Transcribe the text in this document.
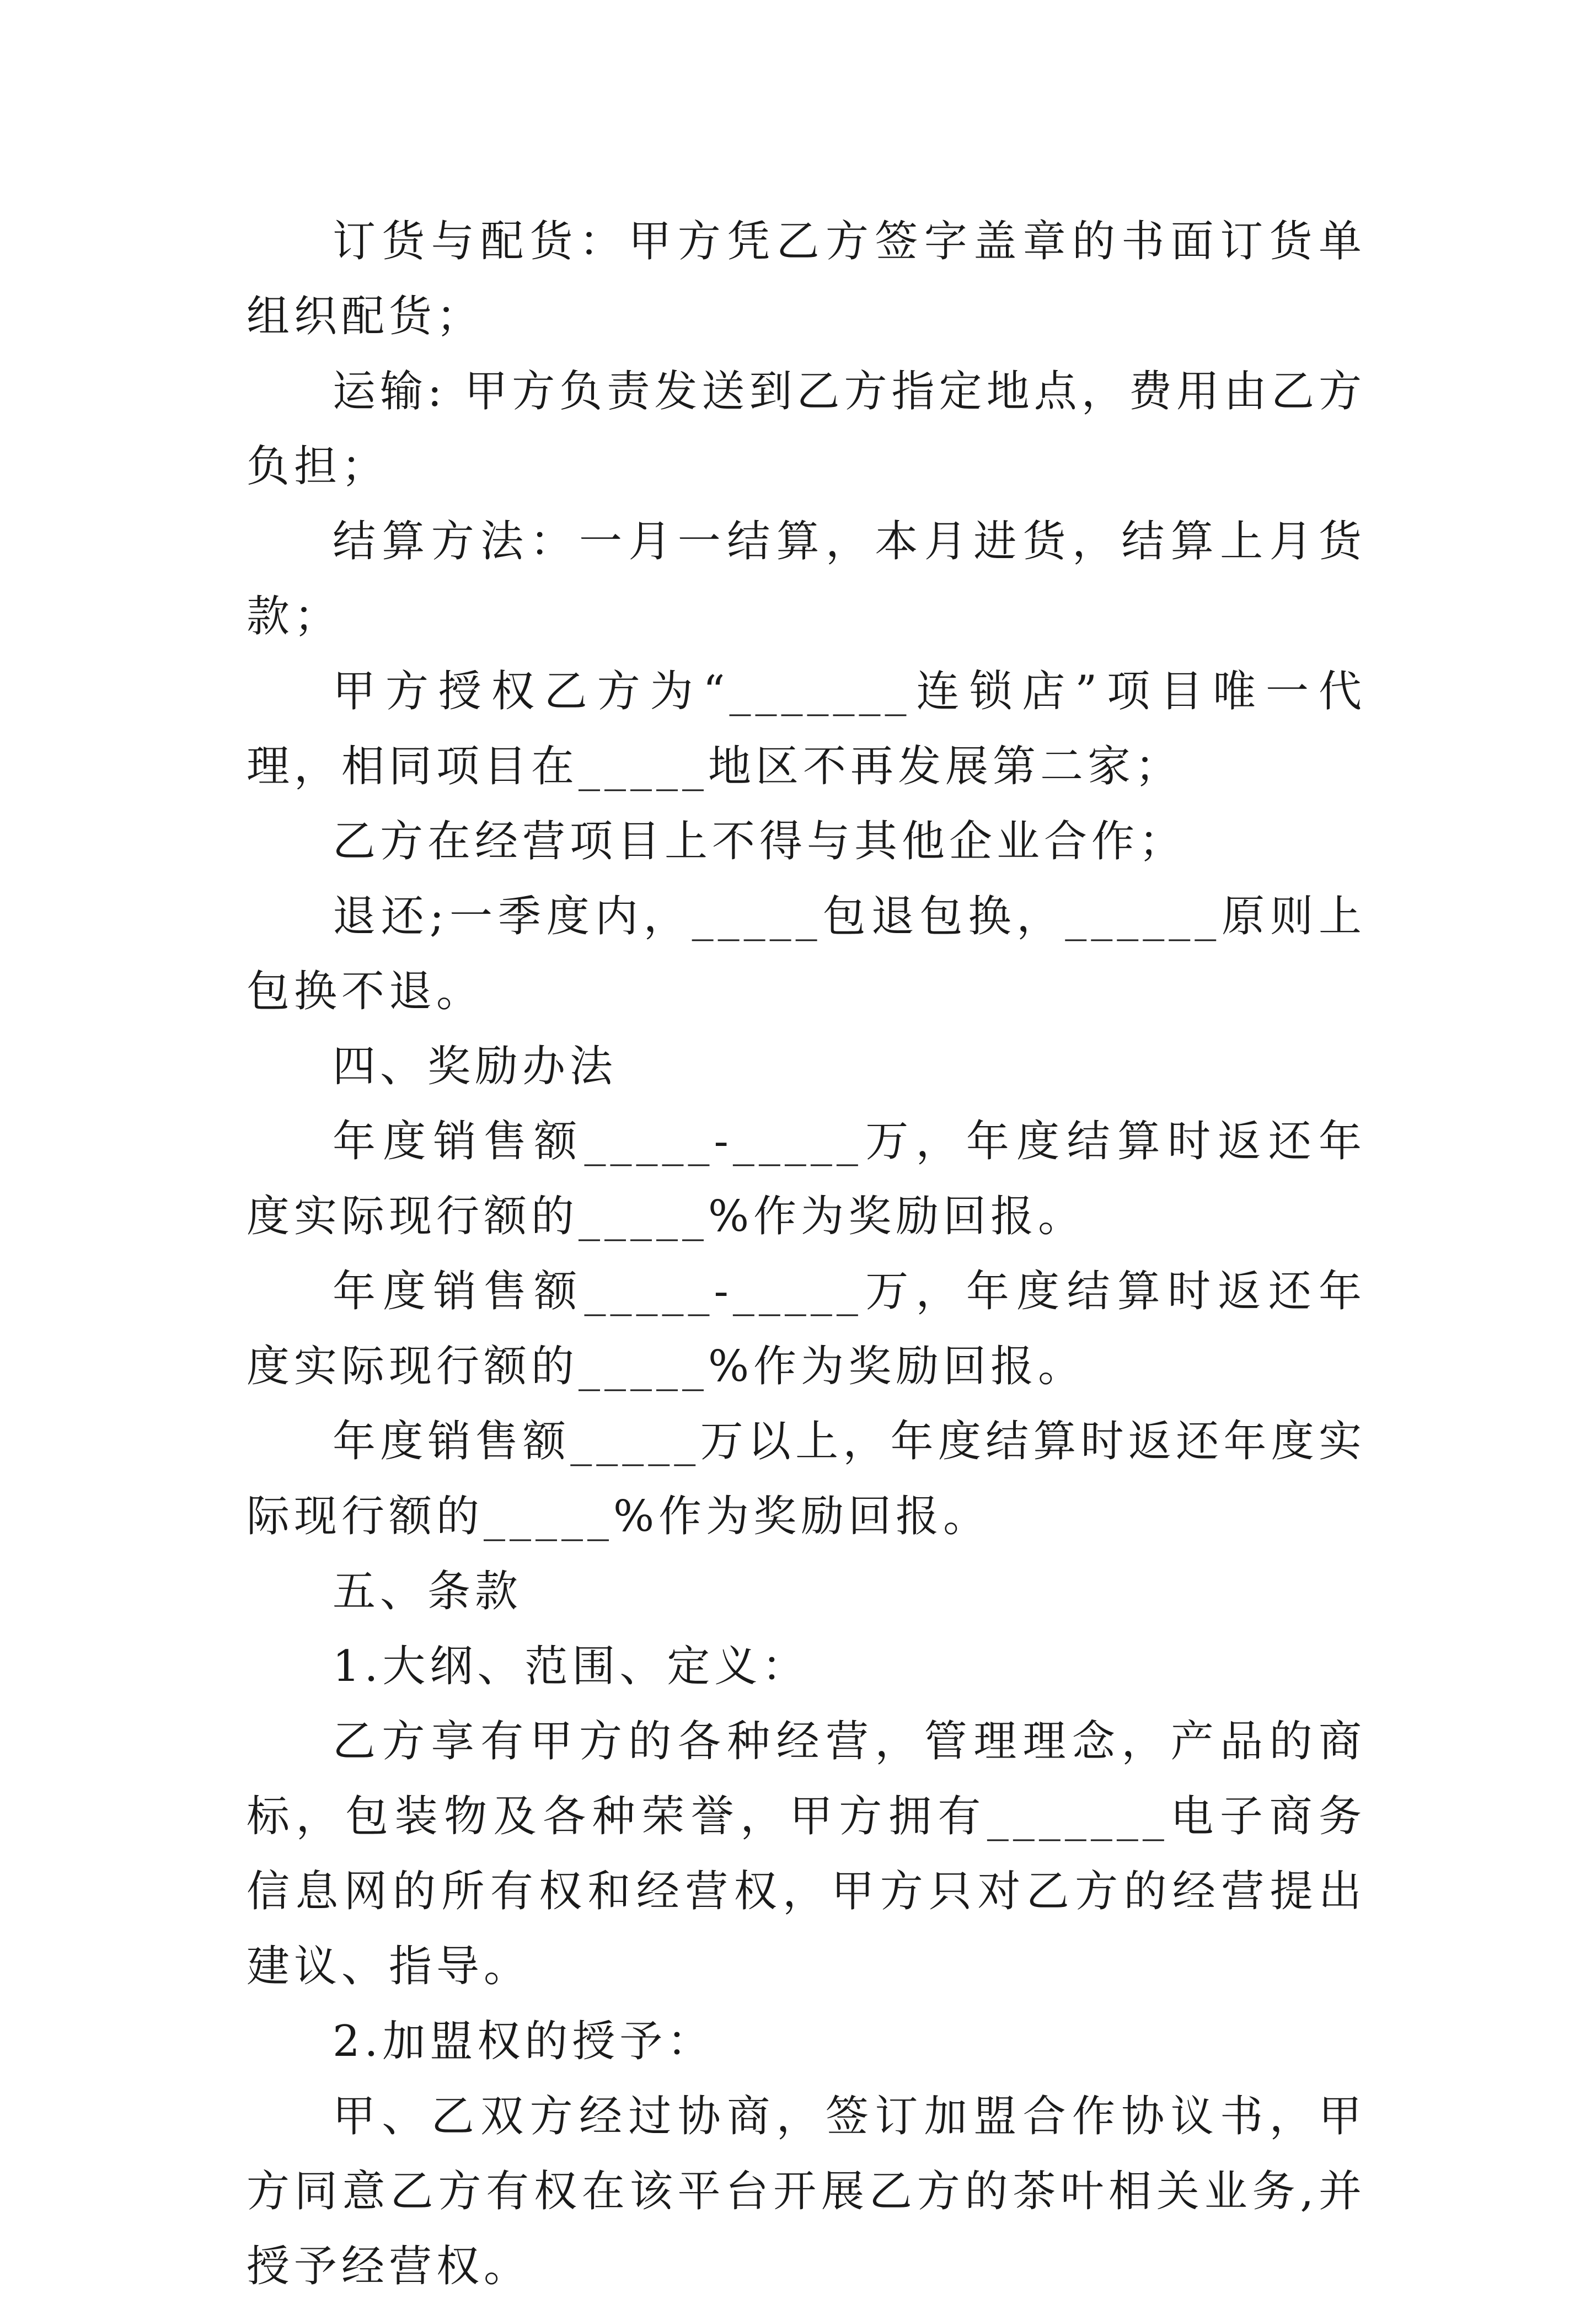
订货与配货：甲方凭乙方签字盖章的书面订货单组织配货；

运输: 甲方负责发送到乙方指定地点，费用由乙方负担；

结算方法：一月一结算，本月进货，结算上月货款；

甲方授权乙方为“_______连锁店”项目唯一代理，相同项目在_____地区不再发展第二家；

乙方在经营项目上不得与其他企业合作；

退还;一季度内，_____包退包换，______原则上包换不退。

四、奖励办法

年度销售额_____-_____万，年度结算时返还年度实际现行额的_____%作为奖励回报。

年度销售额_____-_____万，年度结算时返还年度实际现行额的_____%作为奖励回报。

年度销售额_____万以上，年度结算时返还年度实际现行额的_____%作为奖励回报。

五、条款

1.大纲、范围、定义：

乙方享有甲方的各种经营，管理理念，产品的商标，包装物及各种荣誉，甲方拥有_______电子商务信息网的所有权和经营权，甲方只对乙方的经营提出建议、指导。

2.加盟权的授予：

甲、乙双方经过协商，签订加盟合作协议书，甲方同意乙方有权在该平台开展乙方的茶叶相关业务,并授予经营权。
